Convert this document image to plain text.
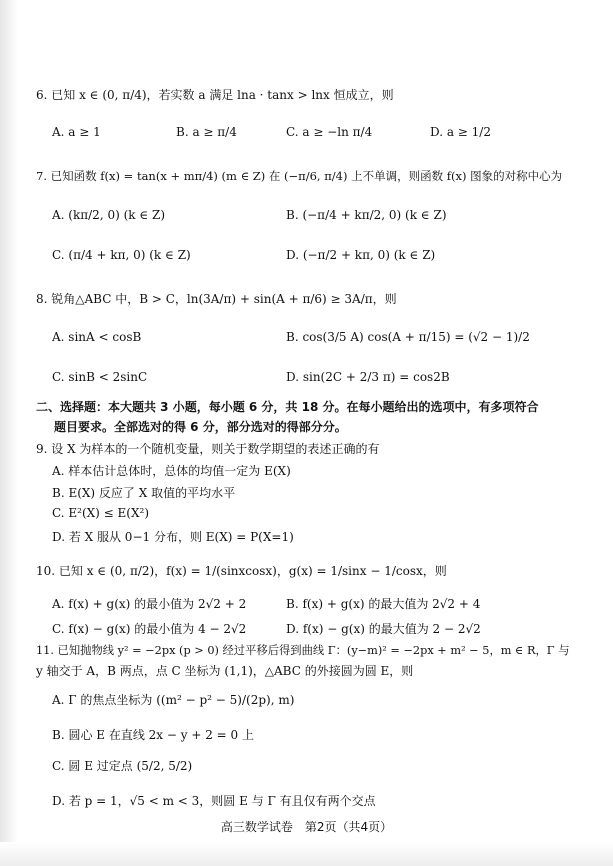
6. 已知 x ∈ (0, π/4)，若实数 a 满足 lna · tanx > lnx 恒成立，则
A. a ≥ 1	B. a ≥ π/4	C. a ≥ −ln π/4	D. a ≥ 1/2
7. 已知函数 f(x) = tan(x + mπ/4) (m ∈ Z) 在 (−π/6, π/4) 上不单调，则函数 f(x) 图象的对称中心为
A. (kπ/2, 0) (k ∈ Z)	B. (−π/4 + kπ/2, 0) (k ∈ Z)
C. (π/4 + kπ, 0) (k ∈ Z)	D. (−π/2 + kπ, 0) (k ∈ Z)
8. 锐角△ABC 中，B > C，ln(3A/π) + sin(A + π/6) ≥ 3A/π，则
A. sinA < cosB	B. cos(3/5 A) cos(A + π/15) = (√2 − 1)/2
C. sinB < 2sinC	D. sin(2C + 2/3 π) = cos2B
二、选择题：本大题共 3 小题，每小题 6 分，共 18 分。在每小题给出的选项中，有多项符合
题目要求。全部选对的得 6 分，部分选对的得部分分。
9. 设 X 为样本的一个随机变量，则关于数学期望的表述正确的有
A. 样本估计总体时，总体的均值一定为 E(X)
B. E(X) 反应了 X 取值的平均水平
C. E²(X) ≤ E(X²)
D. 若 X 服从 0−1 分布，则 E(X) = P(X=1)
10. 已知 x ∈ (0, π/2)，f(x) = 1/(sinxcosx)，g(x) = 1/sinx − 1/cosx，则
A. f(x) + g(x) 的最小值为 2√2 + 2	B. f(x) + g(x) 的最大值为 2√2 + 4
C. f(x) − g(x) 的最小值为 4 − 2√2	D. f(x) − g(x) 的最大值为 2 − 2√2
11. 已知抛物线 y² = −2px (p > 0) 经过平移后得到曲线 Γ：(y−m)² = −2px + m² − 5，m ∈ R，Γ 与
y 轴交于 A，B 两点，点 C 坐标为 (1,1)，△ABC 的外接圆为圆 E，则
A. Γ 的焦点坐标为 ((m² − p² − 5)/(2p), m)
B. 圆心 E 在直线 2x − y + 2 = 0 上
C. 圆 E 过定点 (5/2, 5/2)
D. 若 p = 1，√5 < m < 3，则圆 E 与 Γ 有且仅有两个交点
高三数学试卷　第2页（共4页）
